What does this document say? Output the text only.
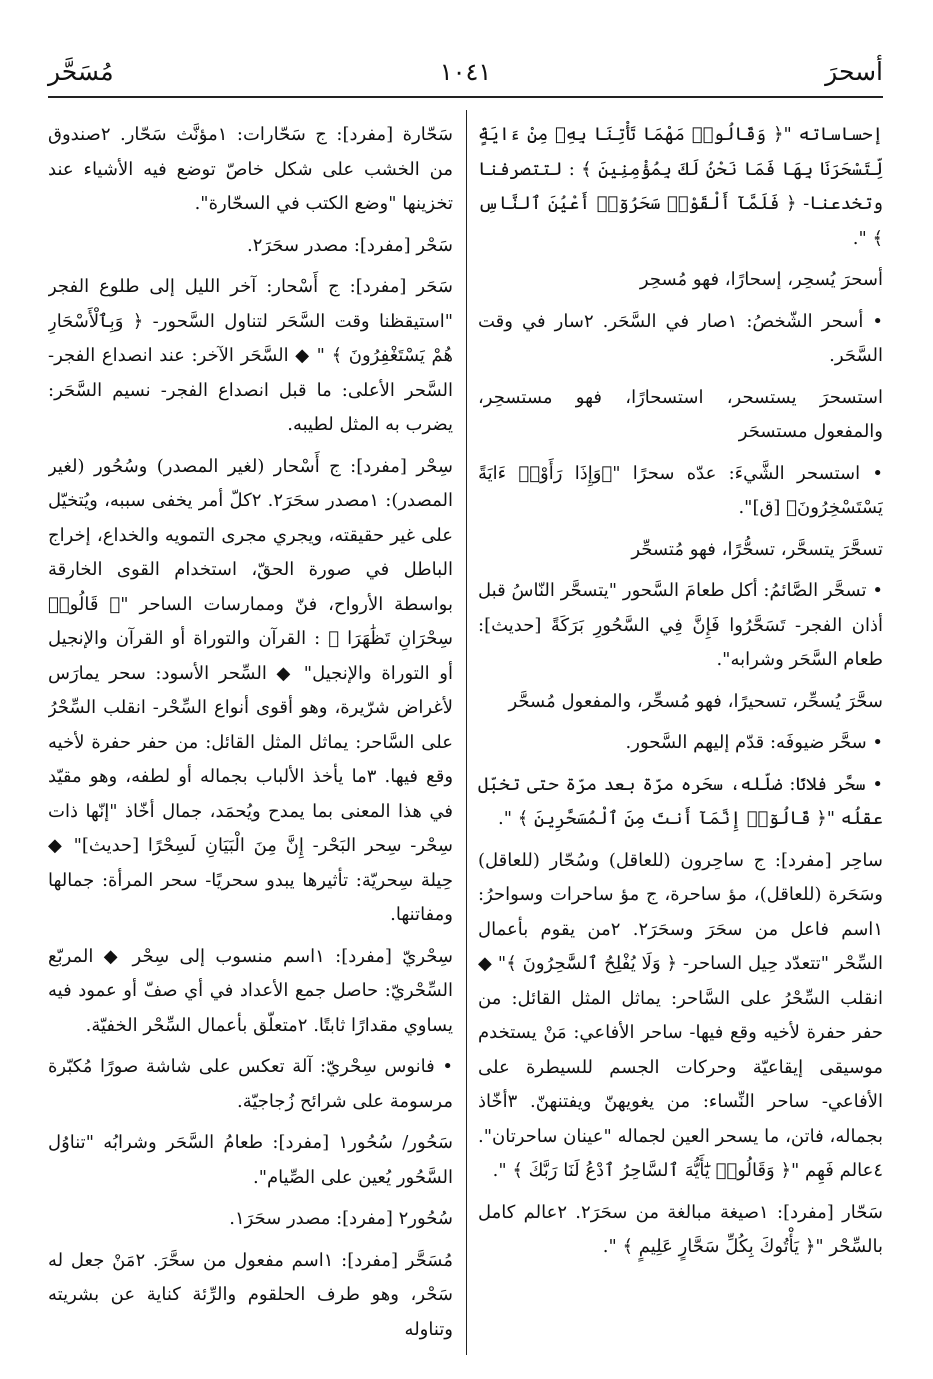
أسحرَ
١٠٤١
مُسَحَّر

إحساساته "﴿ وَقَالُوا۟ مَهْمَا تَأْتِنَا بِهِۦ مِنْ ءَايَةٍۢ لِّتَسْحَرَنَا بِهَا فَمَا نَحْنُ لَكَ بِمُؤْمِنِينَ ﴾ : لتتصرفنا وتخدعنا- ﴿ فَلَمَّآ أَلْقَوْا۟ سَحَرُوٓا۟ أَعْيُنَ ٱلنَّاسِ ﴾ ".

أسحرَ يُسحِر، إسحارًا، فهو مُسحِر

• أسحر الشّخصُ: ١صار في السَّحَر. ٢سار في وقت السَّحَر.

استسحرَ يستسحر، استسحارًا، فهو مستسحِر، والمفعول مستسحَر

• استسحر الشَّيءَ: عدّه سحرًا "﴿وَإِذَا رَأَوْا۟ ءَايَةً يَسْتَسْخِرُونَ﴾ [ق]".

تسحَّرَ يتسحَّر، تسحُّرًا، فهو مُتسحِّر

• تسحَّر الصَّائمُ: أكل طعامَ السَّحور "يتسحَّر النّاسُ قبل أذان الفجر- تَسَحَّرُوا فَإِنَّ فِي السَّحُورِ بَرَكَةً [حديث]: طعام السَّحَر وشرابه".

سحَّرَ يُسحِّر، تسحيرًا، فهو مُسحِّر، والمفعول مُسحَّر

• سحَّر ضيوفَه: قدّم إليهم السَّحور.

• سحَّر فلانًا: ضلّله، سحَره مرّة بعد مرّة حتى تخبّل عقلُه "﴿ قَالُوٓا۟ إِنَّمَآ أَنتَ مِنَ ٱلْمُسَحَّرِينَ ﴾ ".

ساحِر [مفرد]: ج ساحِرون (للعاقل) وسُحّار (للعاقل) وسَحَرة (للعاقل)، مؤ ساحرة، ج مؤ ساحرات وسواحرُ: ١اسم فاعل من سحَرَ وسحَرَ٢. ٢من يقوم بأعمال السِّحْر "تتعدّد حِيل الساحر- ﴿ وَلَا يُفْلِحُ ٱلسَّٰحِرُونَ ﴾" ◆ انقلب السِّحْرُ على السَّاحر: يماثل المثل القائل: من حفر حفرة لأخيه وقع فيها- ساحر الأفاعي: مَنْ يستخدم موسيقى إيقاعيّة وحركات الجسم للسيطرة على الأفاعي- ساحر النِّساء: من يغويهنّ ويفتنهنّ. ٣أخّاذ بجماله، فاتن، ما يسحر العين لجماله "عينان ساحرتان". ٤عالم فَهِم "﴿ وَقَالُوا۟ يَٰٓأَيُّهَ ٱلسَّاحِرُ ٱدْعُ لَنَا رَبَّكَ ﴾ ".

سَحّار [مفرد]: ١صيغة مبالغة من سحَرَ٢. ٢عالم كامل بالسِّحْر "﴿ يَأْتُوكَ بِكُلِّ سَحَّارٍ عَلِيمٍ ﴾ ".

سَحّارة [مفرد]: ج سَحّارات: ١مؤنَّث سَحّار. ٢صندوق من الخشب على شكل خاصّ توضع فيه الأشياء عند تخزينها "وضع الكتب في السحّارة".

سَحْر [مفرد]: مصدر سحَرَ٢.

سَحَر [مفرد]: ج أَسْحار: آخر الليل إلى طلوع الفجر "استيقظنا وقت السَّحَر لتناول السَّحور- ﴿ وَبِٱلْأَسْحَارِ هُمْ يَسْتَغْفِرُونَ ﴾ " ◆ السَّحَر الآخر: عند انصداع الفجر- السَّحر الأعلى: ما قبل انصداع الفجر- نسيم السَّحَر: يضرب به المثل لطيبه.

سِحْر [مفرد]: ج أَسْحار (لغير المصدر) وسُحُور (لغير المصدر): ١مصدر سحَرَ٢. ٢كلّ أمر يخفى سببه، ويُتخيّل على غير حقيقته، ويجري مجرى التمويه والخداع، إخراج الباطل في صورة الحقّ، استخدام القوى الخارقة بواسطة الأرواح، فنّ وممارسات الساحر "﴿ قَالُوا۟ سِحْرَانِ تَظَٰهَرَا ﴾ : القرآن والتوراة أو القرآن والإنجيل أو التوراة والإنجيل" ◆ السِّحر الأسود: سحر يمارَس لأغراض شرّيرة، وهو أقوى أنواع السِّحْر- انقلب السِّحْرُ على السَّاحر: يماثل المثل القائل: من حفر حفرة لأخيه وقع فيها. ٣ما يأخذ الألباب بجماله أو لطفه، وهو مقيّد في هذا المعنى بما يمدح ويُحمَد، جمال أخّاذ "إنّها ذات سِحْر- سِحر البَحْر- إِنَّ مِنَ الْبَيَانِ لَسِحْرًا [حديث]" ◆ حِيلة سِحريّة: تأثيرها يبدو سحريًا- سحر المرأة: جمالها ومفاتنها.

سِحْريّ [مفرد]: ١اسم منسوب إلى سِحْر ◆ المربّع السِّحْريّ: حاصل جمع الأعداد في أي صفّ أو عمود فيه يساوي مقدارًا ثابتًا. ٢متعلّق بأعمال السِّحْر الخفيّة.

• فانوس سِحْريّ: آلة تعكس على شاشة صورًا مُكبّرة مرسومة على شرائح زُجاجيّة.

سَحُور/ سُحُور١ [مفرد]: طعامُ السَّحَر وشرابُه "تناوُل السَّحُور يُعين على الصِّيام".

سُحُور٢ [مفرد]: مصدر سحَرَ١.

مُسَحَّر [مفرد]: ١اسم مفعول من سحَّرَ. ٢مَنْ جعل له سَحْر، وهو طرف الحلقوم والرِّئة كناية عن بشريته وتناوله
